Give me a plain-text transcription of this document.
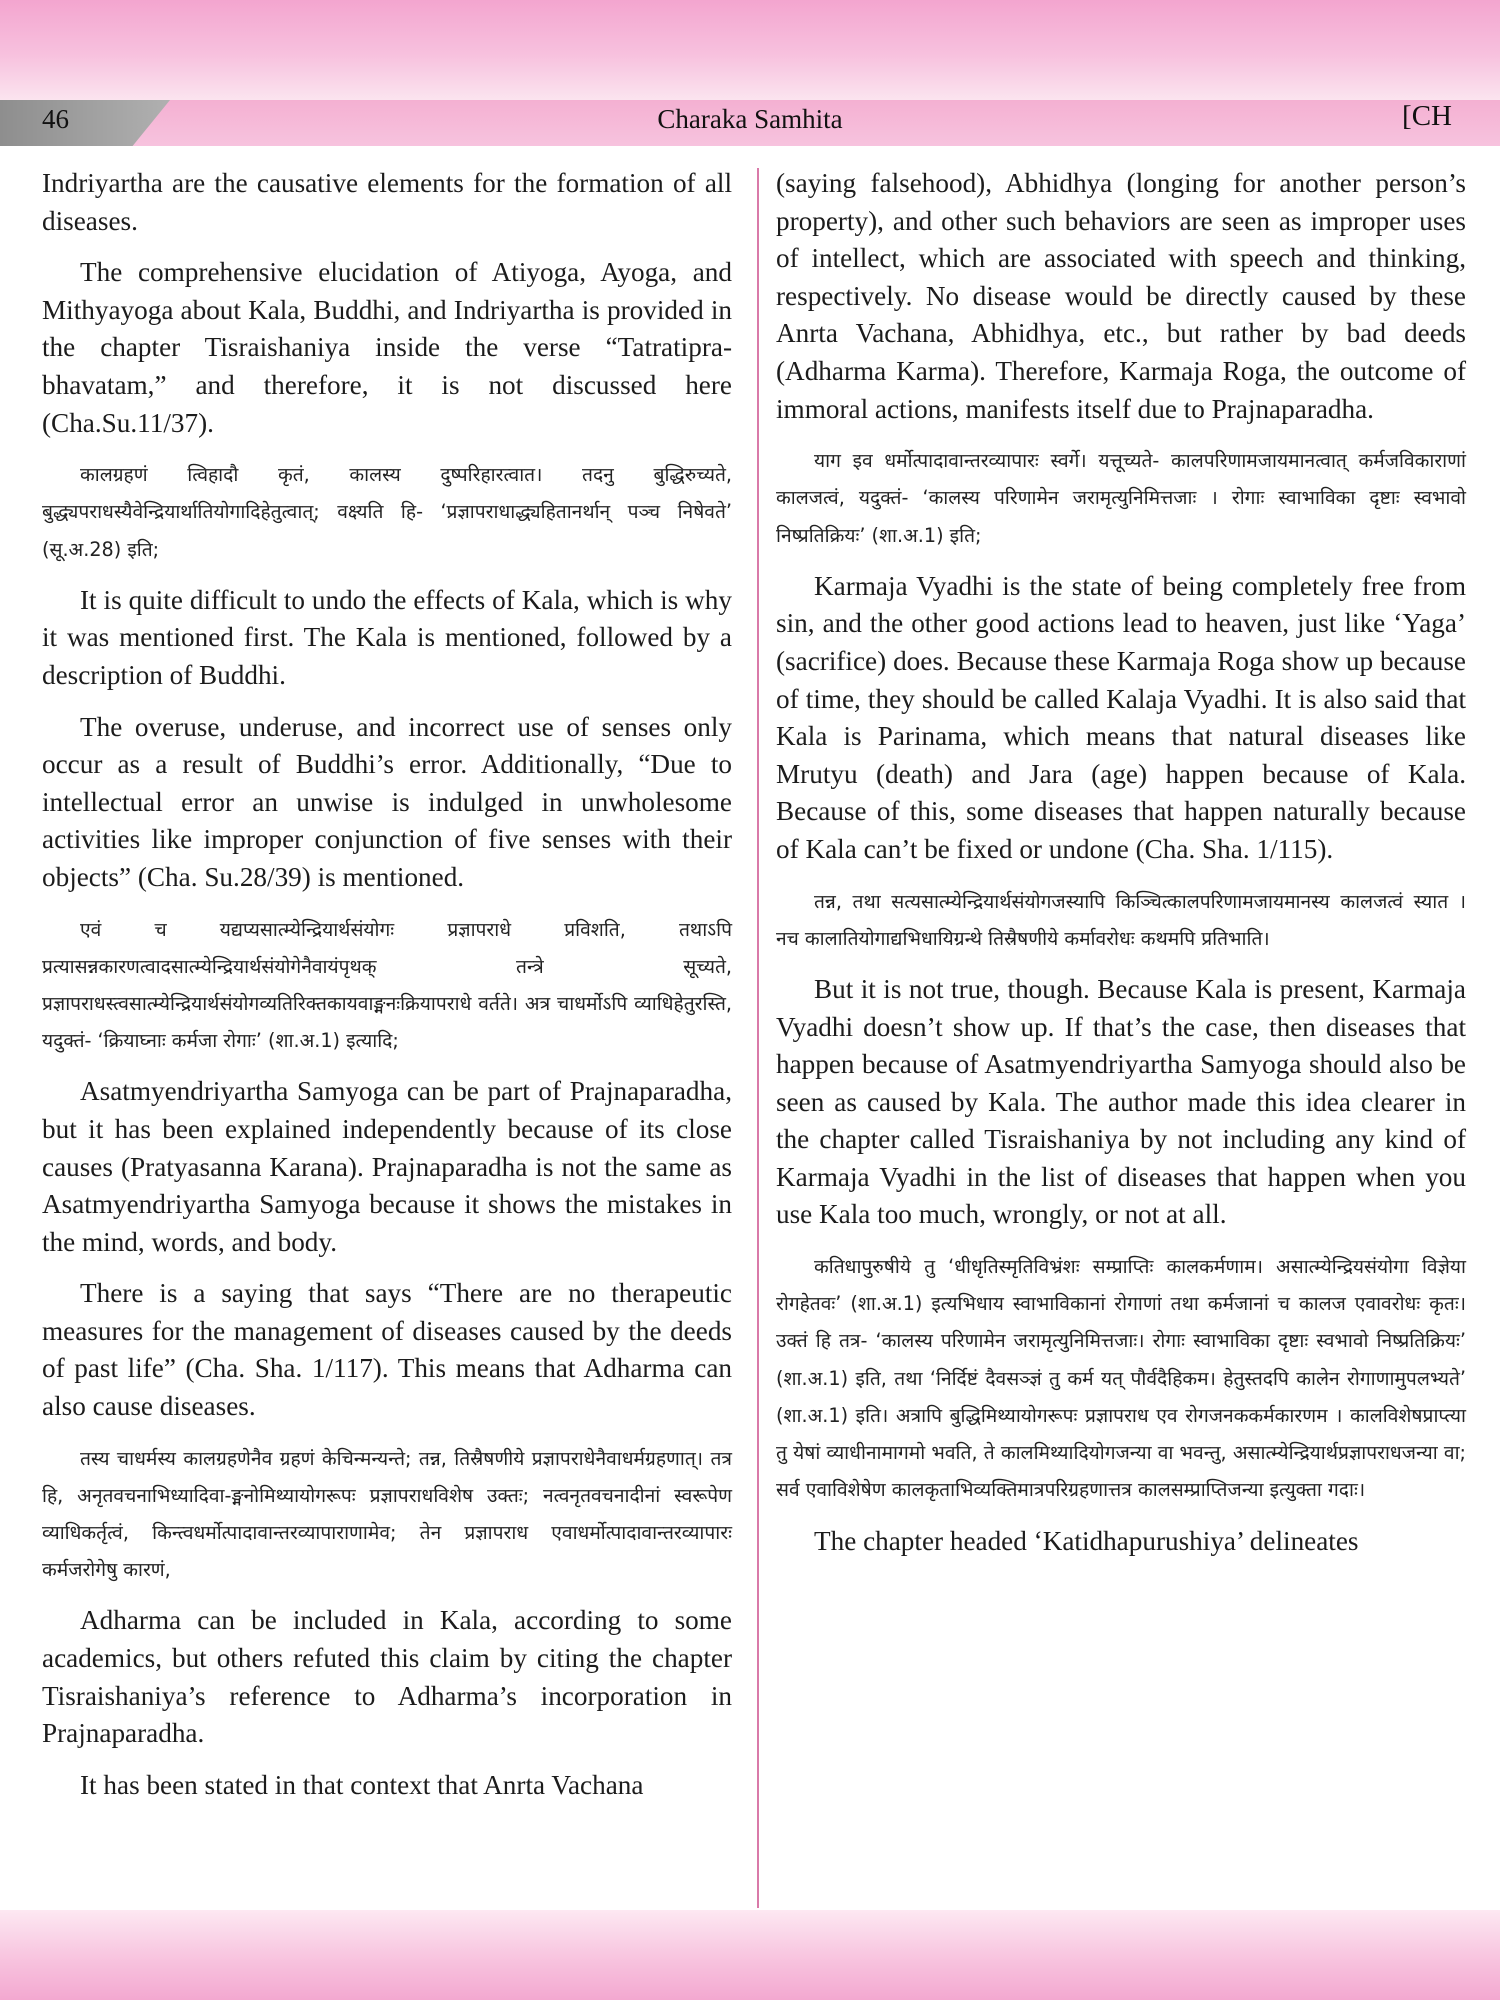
46	Charaka Samhita	[CH

Indriyartha are the causative elements for the formation of all diseases.

The comprehensive elucidation of Atiyoga, Ayoga, and Mithyayoga about Kala, Buddhi, and Indriyartha is provided in the chapter Tisraishaniya inside the verse “Tatratipra-bhavatam,” and therefore, it is not discussed here (Cha.Su.11/37).

कालग्रहणं त्विहादौ कृतं, कालस्य दुष्परिहारत्वात। तदनु बुद्धिरुच्यते, बुद्ध्यपराधस्यैवेन्द्रियार्थातियोगादिहेतुत्वात्; वक्ष्यति हि- ‘प्रज्ञापराधाद्ध्यहितानर्थान् पञ्च निषेवते’ (सू.अ.28) इति;

It is quite difficult to undo the effects of Kala, which is why it was mentioned first. The Kala is mentioned, followed by a description of Buddhi.

The overuse, underuse, and incorrect use of senses only occur as a result of Buddhi’s error. Additionally, “Due to intellectual error an unwise is indulged in unwholesome activities like improper conjunction of five senses with their objects” (Cha. Su.28/39) is mentioned.

एवं च यद्यप्यसात्म्येन्द्रियार्थसंयोगः प्रज्ञापराधे प्रविशति, तथाऽपि प्रत्यासन्नकारणत्वादसात्म्येन्द्रियार्थसंयोगेनैवायंपृथक् तन्त्रे सूच्यते, प्रज्ञापराधस्त्वसात्म्येन्द्रियार्थसंयोगव्यतिरिक्तकायवाङ्मनःक्रियापराधे वर्तते। अत्र चाधर्मोऽपि व्याधिहेतुरस्ति, यदुक्तं- ‘क्रियाघ्नाः कर्मजा रोगाः’ (शा.अ.1) इत्यादि;

Asatmyendriyartha Samyoga can be part of Prajnaparadha, but it has been explained independently because of its close causes (Pratyasanna Karana). Prajnaparadha is not the same as Asatmyendriyartha Samyoga because it shows the mistakes in the mind, words, and body.

There is a saying that says “There are no therapeutic measures for the management of diseases caused by the deeds of past life” (Cha. Sha. 1/117). This means that Adharma can also cause diseases.

तस्य चाधर्मस्य कालग्रहणेनैव ग्रहणं केचिन्मन्यन्ते; तन्न, तिस्रैषणीये प्रज्ञापराधेनैवाधर्मग्रहणात्। तत्र हि, अनृतवचनाभिध्यादिवा-ङ्मनोमिथ्यायोगरूपः प्रज्ञापराधविशेष उक्तः; नत्वनृतवचनादीनां स्वरूपेण व्याधिकर्तृत्वं, किन्त्वधर्मोत्पादावान्तरव्यापाराणामेव; तेन प्रज्ञापराध एवाधर्मोत्पादावान्तरव्यापारः कर्मजरोगेषु कारणं,

Adharma can be included in Kala, according to some academics, but others refuted this claim by citing the chapter Tisraishaniya’s reference to Adharma’s incorporation in Prajnaparadha.

It has been stated in that context that Anrta Vachana

(saying falsehood), Abhidhya (longing for another person’s property), and other such behaviors are seen as improper uses of intellect, which are associated with speech and thinking, respectively. No disease would be directly caused by these Anrta Vachana, Abhidhya, etc., but rather by bad deeds (Adharma Karma). Therefore, Karmaja Roga, the outcome of immoral actions, manifests itself due to Prajnaparadha.

याग इव धर्मोत्पादावान्तरव्यापारः स्वर्गे। यत्तूच्यते- कालपरिणामजायमानत्वात् कर्मजविकाराणां कालजत्वं, यदुक्तं- ‘कालस्य परिणामेन जरामृत्युनिमित्तजाः । रोगाः स्वाभाविका दृष्टाः स्वभावो निष्प्रतिक्रियः’ (शा.अ.1) इति;

Karmaja Vyadhi is the state of being completely free from sin, and the other good actions lead to heaven, just like ‘Yaga’ (sacrifice) does. Because these Karmaja Roga show up because of time, they should be called Kalaja Vyadhi. It is also said that Kala is Parinama, which means that natural diseases like Mrutyu (death) and Jara (age) happen because of Kala. Because of this, some diseases that happen naturally because of Kala can’t be fixed or undone (Cha. Sha. 1/115).

तन्न, तथा सत्यसात्म्येन्द्रियार्थसंयोगजस्यापि किञ्चित्कालपरिणामजायमानस्य कालजत्वं स्यात । नच कालातियोगाद्यभिधायिग्रन्थे तिस्रैषणीये कर्मावरोधः कथमपि प्रतिभाति।

But it is not true, though. Because Kala is present, Karmaja Vyadhi doesn’t show up. If that’s the case, then diseases that happen because of Asatmyendriyartha Samyoga should also be seen as caused by Kala. The author made this idea clearer in the chapter called Tisraishaniya by not including any kind of Karmaja Vyadhi in the list of diseases that happen when you use Kala too much, wrongly, or not at all.

कतिधापुरुषीये तु ‘धीधृतिस्मृतिविभ्रंशः सम्प्राप्तिः कालकर्मणाम। असात्म्येन्द्रियसंयोगा विज्ञेया रोगहेतवः’ (शा.अ.1) इत्यभिधाय स्वाभाविकानां रोगाणां तथा कर्मजानां च कालज एवावरोधः कृतः। उक्तं हि तत्र- ‘कालस्य परिणामेन जरामृत्युनिमित्तजाः। रोगाः स्वाभाविका दृष्टाः स्वभावो निष्प्रतिक्रियः’ (शा.अ.1) इति, तथा ‘निर्दिष्टं दैवसञ्ज्ञं तु कर्म यत् पौर्वदैहिकम। हेतुस्तदपि कालेन रोगाणामुपलभ्यते’ (शा.अ.1) इति। अत्रापि बुद्धिमिथ्यायोगरूपः प्रज्ञापराध एव रोगजनककर्मकारणम । कालविशेषप्राप्त्या तु येषां व्याधीनामागमो भवति, ते कालमिथ्यादियोगजन्या वा भवन्तु, असात्म्येन्द्रियार्थप्रज्ञापराधजन्या वा; सर्व एवाविशेषेण कालकृताभिव्यक्तिमात्रपरिग्रहणात्तत्र कालसम्प्राप्तिजन्या इत्युक्ता गदाः।

The chapter headed ‘Katidhapurushiya’ delineates
